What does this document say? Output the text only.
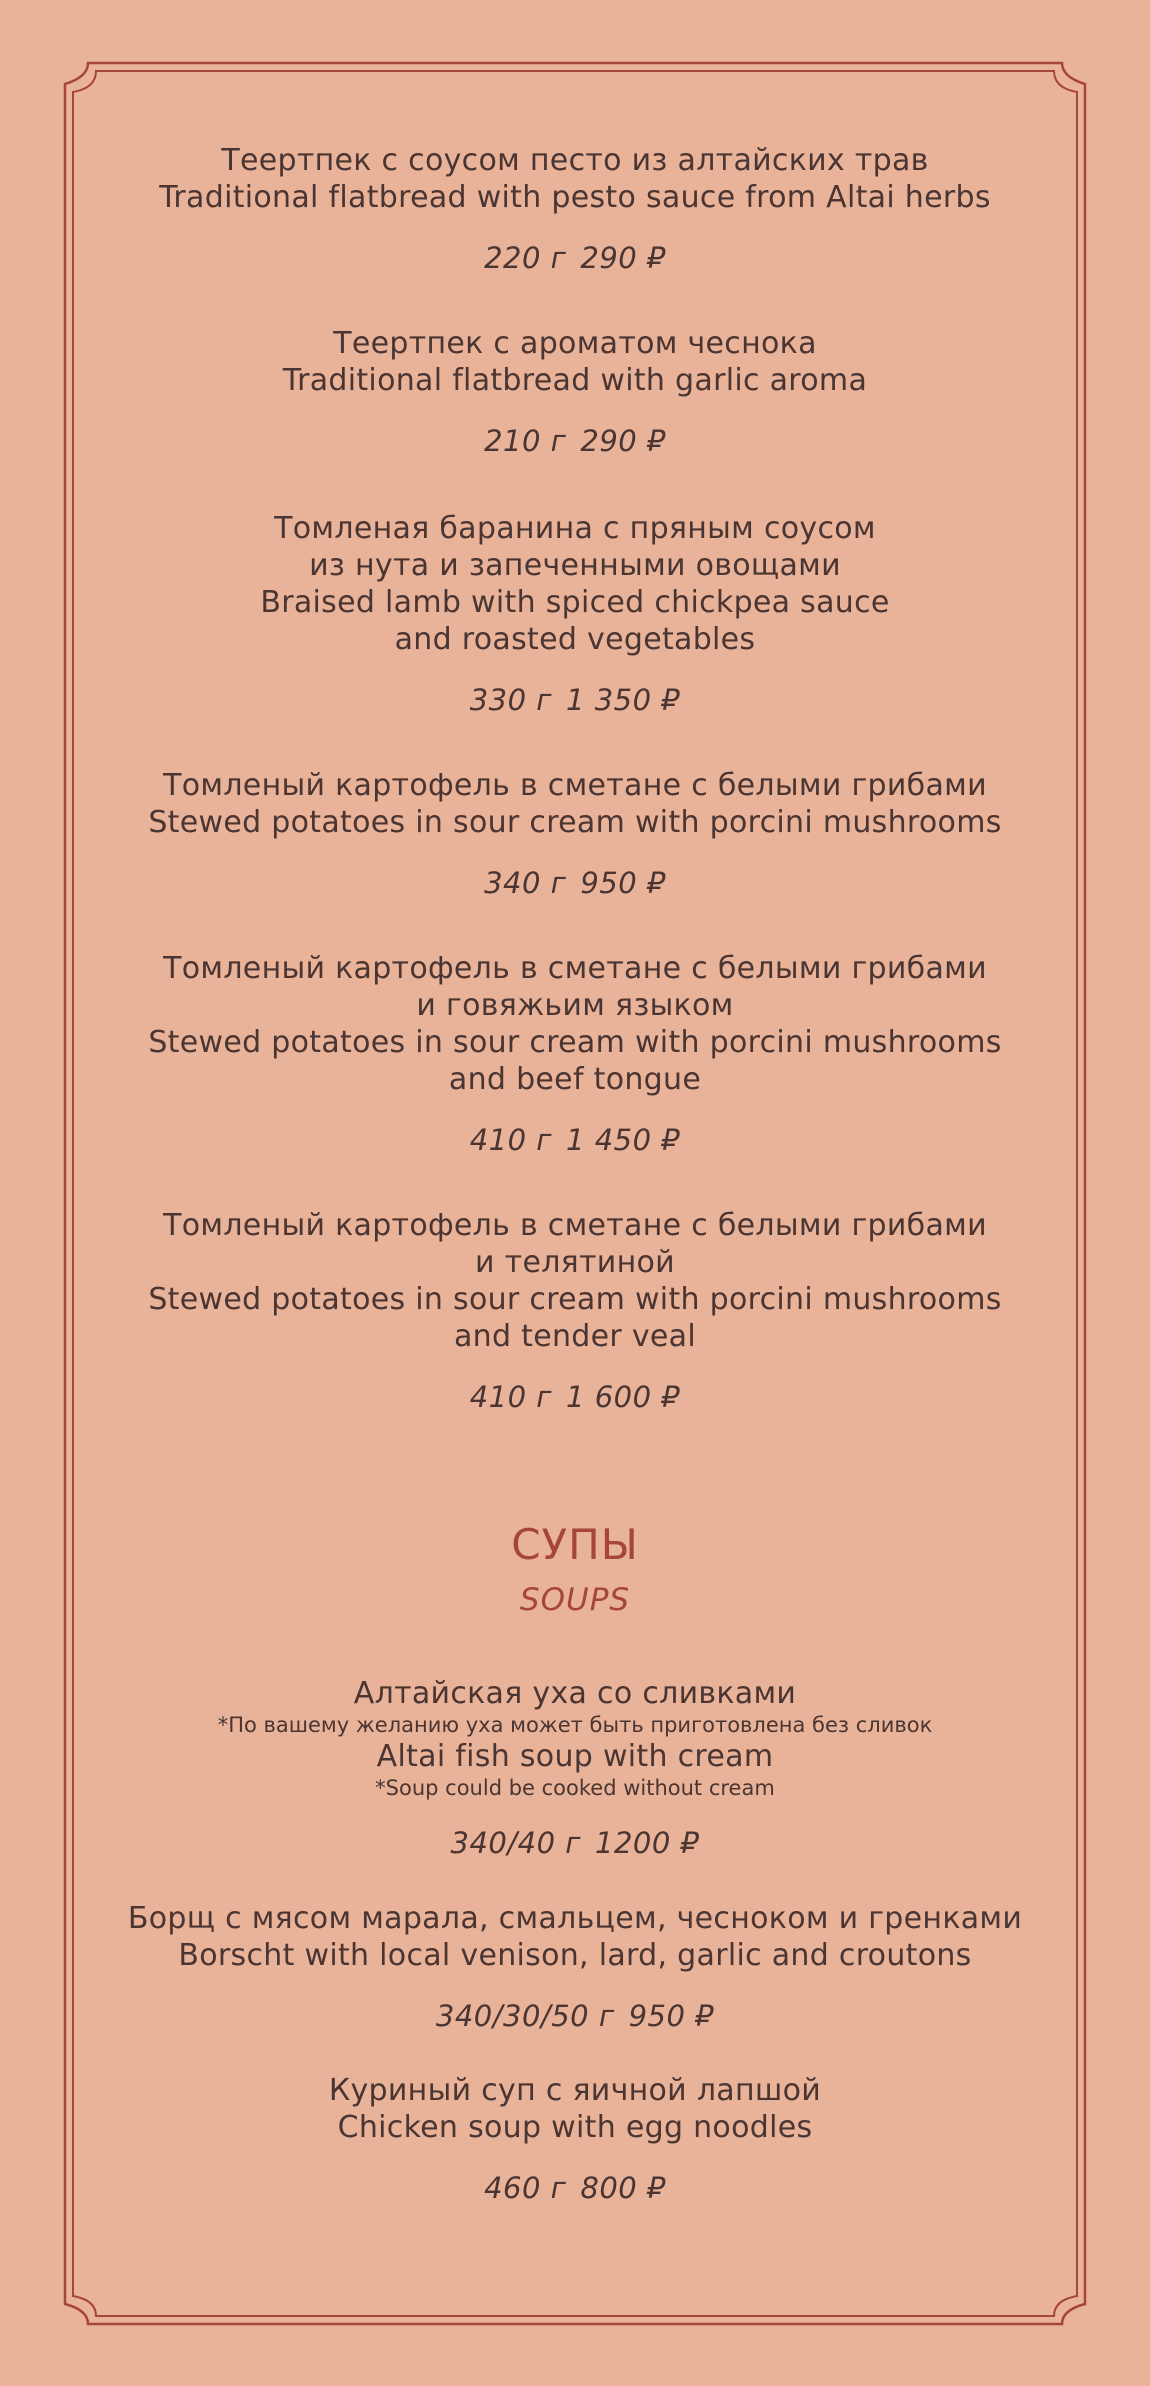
Теертпек с соусом песто из алтайских трав
Traditional flatbread with pesto sauce from Altai herbs
220 г 290 ₽
Теертпек с ароматом чеснока
Traditional flatbread with garlic aroma
210 г 290 ₽
Томленая баранина с пряным соусом
из нута и запеченными овощами
Braised lamb with spiced chickpea sauce
and roasted vegetables
330 г 1 350 ₽
Томленый картофель в сметане с белыми грибами
Stewed potatoes in sour cream with porcini mushrooms
340 г 950 ₽
Томленый картофель в сметане с белыми грибами
и говяжьим языком
Stewed potatoes in sour cream with porcini mushrooms
and beef tongue
410 г 1 450 ₽
Томленый картофель в сметане с белыми грибами
и телятиной
Stewed potatoes in sour cream with porcini mushrooms
and tender veal
410 г 1 600 ₽
СУПЫ
SOUPS
Алтайская уха со сливками
*По вашему желанию уха может быть приготовлена без сливок
Altai fish soup with cream
*Soup could be cooked without cream
340/40 г 1200 ₽
Борщ с мясом марала, смальцем, чесноком и гренками
Borscht with local venison, lard, garlic and croutons
340/30/50 г 950 ₽
Куриный суп с яичной лапшой
Chicken soup with egg noodles
460 г 800 ₽
